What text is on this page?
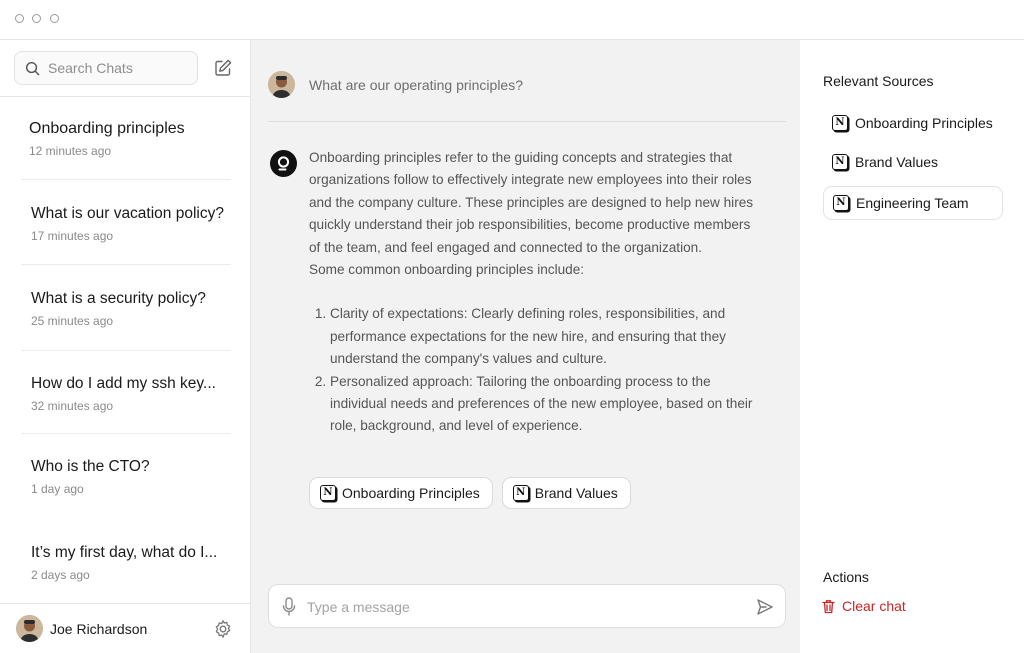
Search Chats
Onboarding principles
12 minutes ago
What is our vacation policy?
17 minutes ago
What is a security policy?
25 minutes ago
How do I add my ssh key...
32 minutes ago
Who is the CTO?
1 day ago
It’s my first day, what do I...
2 days ago
Joe Richardson
What are our operating principles?

Onboarding principles refer to the guiding concepts and strategies that organizations follow to effectively integrate new employees into their roles and the company culture. These principles are designed to help new hires quickly understand their job responsibilities, become productive members of the team, and feel engaged and connected to the organization.

Some common onboarding principles include:

1. Clarity of expectations: Clearly defining roles, responsibilities, and performance expectations for the new hire, and ensuring that they understand the company's values and culture.
2. Personalized approach: Tailoring the onboarding process to the individual needs and preferences of the new employee, based on their role, background, and level of experience.
N Onboarding Principles	N Brand Values
Type a message
Relevant Sources
N Onboarding Principles
N Brand Values
N Engineering Team
Actions
Clear chat
